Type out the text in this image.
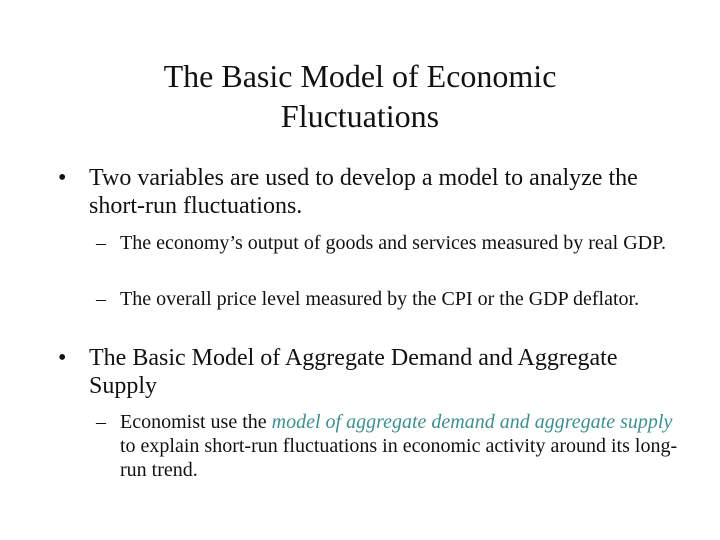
The Basic Model of Economic
Fluctuations
• Two variables are used to develop a model to analyze the short-run fluctuations.
– The economy’s output of goods and services measured by real GDP.
– The overall price level measured by the CPI or the GDP deflator.
• The Basic Model of Aggregate Demand and Aggregate Supply
– Economist use the model of aggregate demand and aggregate supply to explain short-run fluctuations in economic activity around its long-run trend.
